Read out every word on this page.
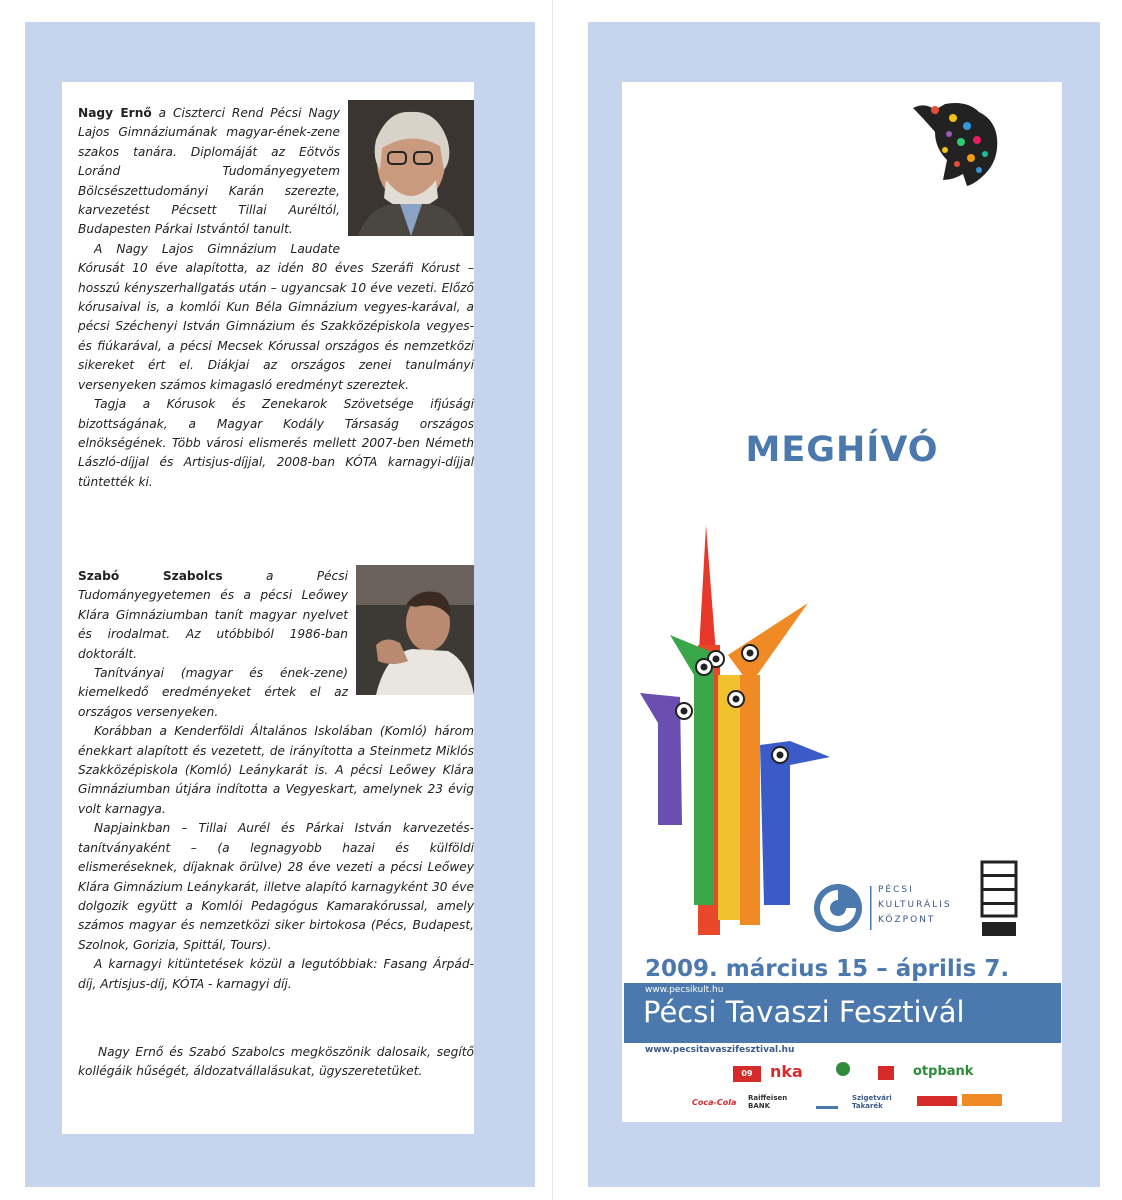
Nagy Ernő a Ciszterci Rend Pécsi Nagy Lajos Gimnáziumának magyar-ének-zene szakos tanára. Diplomáját az Eötvös Loránd Tudományegyetem Bölcsészettudományi Karán szerezte, karvezetést Pécsett Tillai Auréltól, Budapesten Párkai Istvántól tanult.

A Nagy Lajos Gimnázium Laudate Kórusát 10 éve alapította, az idén 80 éves Szeráfi Kórust – hosszú kényszerhallgatás után – ugyancsak 10 éve vezeti. Előző kórusaival is, a komlói Kun Béla Gimnázium vegyes-karával, a pécsi Széchenyi István Gimnázium és Szakközépiskola vegyes- és fiúkarával, a pécsi Mecsek Kórussal országos és nemzetközi sikereket ért el. Diákjai az országos zenei tanulmányi versenyeken számos kimagasló eredményt szereztek.

Tagja a Kórusok és Zenekarok Szövetsége ifjúsági bizottságának, a Magyar Kodály Társaság országos elnökségének. Több városi elismerés mellett 2007-ben Németh László-díjjal és Artisjus-díjjal, 2008-ban KÓTA karnagyi-díjjal tüntették ki.

Szabó Szabolcs a Pécsi Tudományegyetemen és a pécsi Leőwey Klára Gimnáziumban tanít magyar nyelvet és irodalmat. Az utóbbiból 1986-ban doktorált.

Tanítványai (magyar és ének-zene) kiemelkedő eredményeket értek el az országos versenyeken.

Korábban a Kenderföldi Általános Iskolában (Komló) három énekkart alapított és vezetett, de irányította a Steinmetz Miklós Szakközépiskola (Komló) Leánykarát is. A pécsi Leőwey Klára Gimnáziumban útjára indította a Vegyeskart, amelynek 23 évig volt karnagya.

Napjainkban – Tillai Aurél és Párkai István karvezetés-tanítványaként – (a legnagyobb hazai és külföldi elismeréseknek, díjaknak örülve) 28 éve vezeti a pécsi Leőwey Klára Gimnázium Leánykarát, illetve alapító karnagyként 30 éve dolgozik együtt a Komlói Pedagógus Kamarakórussal, amely számos magyar és nemzetközi siker birtokosa (Pécs, Budapest, Szolnok, Gorizia, Spittál, Tours).

A karnagyi kitüntetések közül a legutóbbiak: Fasang Árpád-díj, Artisjus-díj, KÓTA - karnagyi díj.

Nagy Ernő és Szabó Szabolcs megköszönik dalosaik, segítő kollégáik hűségét, áldozatvállalásukat, ügyszeretetüket.

MEGHÍVÓ
PÉCSI
KULTURÁLIS
KÖZPONT
2009. március 15 – április 7.
www.pecsikult.hu
Pécsi Tavaszi Fesztivál
www.pecsitavaszifesztival.hu
09	nka	otpbank
Coca-Cola Raiffeisen BANK
Szigetvári Takarék
